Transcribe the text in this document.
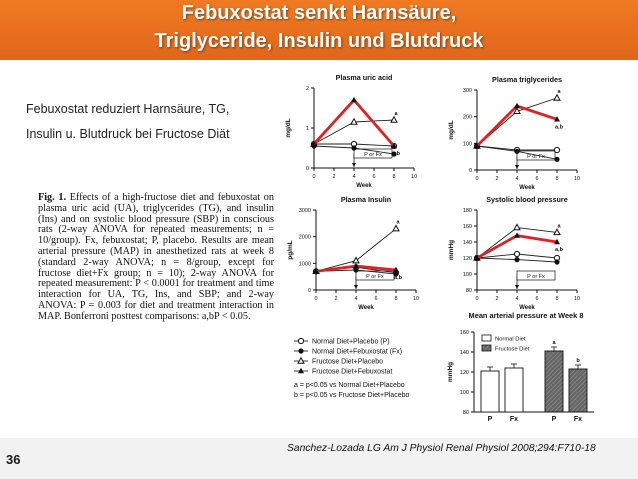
Febuxostat senkt Harnsäure,
Triglyceride, Insulin und Blutdruck
Febuxostat reduziert Harnsäure, TG,
Insulin u. Blutdruck bei Fructose Diät
Fig. 1. Effects of a high-fructose diet and febuxostat on plasma uric acid (UA), triglycerides (TG), and insulin (Ins) and on systolic blood pressure (SBP) in conscious rats (2-way ANOVA for repeated measurements; n = 10/group). Fx, febuxostat; P, placebo. Results are mean arterial pressure (MAP) in anesthetized rats at week 8 (standard 2-way ANOVA; n = 8/group, except for fructose diet+Fx group; n = 10); 2-way ANOVA for repeated measurement: P < 0.0001 for treatment and time interaction for UA, TG, Ins, and SBP; and 2-way ANOVA: P = 0.003 for diet and treatment interaction in MAP. Bonferroni posttest comparisons: a,bP < 0.05.
Plasma uric acid
0	2	4	6	8	10
0
1
2
Week
mg/dL
P or Fx
a
a,b
Plasma triglycerides
0	2	4	6	8	10
0
100
200
300
Week
mg/dL
P or Fx
a
a,b
Plasma Insulin
0	2	4	6	8	10
0
1000
2000
3000
Week
pg/mL
P or Fx
a
a,b
Systolic blood pressure
0	2	4	6	8	10
80
100
120
140
160
180
Week
mmHg
P or Fx
a
a,b
Mean arterial pressure at Week 8
80
100
120
140
160
mmHg
P	Fx	P
a
Fx
b
Normal Diet
Fructose Diet
Normal Diet+Placebo (P)
Normal Diet+Febuxostat (Fx)
Fructose Diet+Placebo
Fructose Diet+Febuxostat
a = p<0.05 vs Normal Diet+Placebo
b = p<0.05 vs Fructose Diet+Placebo
36
Sanchez-Lozada LG Am J Physiol Renal Physiol 2008;294:F710-18
